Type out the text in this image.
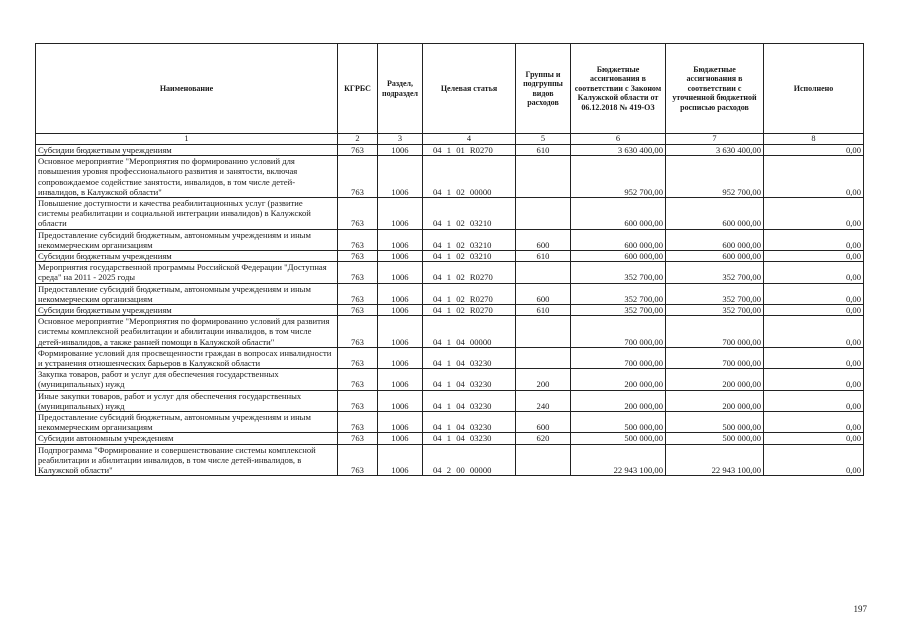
Наименование	КГРБС	Раздел, подраздел	Целевая статья	Группы и подгруппы видов расходов	Бюджетные ассигнования в соответствии с Законом Калужской области от 06.12.2018 № 419-ОЗ	Бюджетные ассигнования в соответствии с уточненной бюджетной росписью расходов	Исполнено
1	2	3	4	5	6	7	8
Субсидии бюджетным учреждениям	763	1006	04 1 01 R0270	610	3 630 400,00	3 630 400,00	0,00
Основное мероприятие "Мероприятия по формированию условий для повышения уровня профессионального развития и занятости, включая сопровождаемое содействие занятости, инвалидов, в том числе детей-инвалидов, в Калужской области"	763	1006	04 1 02 00000		952 700,00	952 700,00	0,00
Повышение доступности и качества реабилитационных услуг (развитие системы реабилитации и социальной интеграции инвалидов) в Калужской области	763	1006	04 1 02 03210		600 000,00	600 000,00	0,00
Предоставление субсидий бюджетным, автономным учреждениям и иным некоммерческим организациям	763	1006	04 1 02 03210	600	600 000,00	600 000,00	0,00
Субсидии бюджетным учреждениям	763	1006	04 1 02 03210	610	600 000,00	600 000,00	0,00
Мероприятия государственной программы Российской Федерации "Доступная среда" на 2011 - 2025 годы	763	1006	04 1 02 R0270		352 700,00	352 700,00	0,00
Предоставление субсидий бюджетным, автономным учреждениям и иным некоммерческим организациям	763	1006	04 1 02 R0270	600	352 700,00	352 700,00	0,00
Субсидии бюджетным учреждениям	763	1006	04 1 02 R0270	610	352 700,00	352 700,00	0,00
Основное мероприятие "Мероприятия по формированию условий для развития системы комплексной реабилитации и абилитации инвалидов, в том числе детей-инвалидов, а также ранней помощи в Калужской области"	763	1006	04 1 04 00000		700 000,00	700 000,00	0,00
Формирование условий для просвещенности граждан в вопросах инвалидности и устранения отношенческих барьеров в Калужской области	763	1006	04 1 04 03230		700 000,00	700 000,00	0,00
Закупка товаров, работ и услуг для обеспечения государственных (муниципальных) нужд	763	1006	04 1 04 03230	200	200 000,00	200 000,00	0,00
Иные закупки товаров, работ и услуг для обеспечения государственных (муниципальных) нужд	763	1006	04 1 04 03230	240	200 000,00	200 000,00	0,00
Предоставление субсидий бюджетным, автономным учреждениям и иным некоммерческим организациям	763	1006	04 1 04 03230	600	500 000,00	500 000,00	0,00
Субсидии автономным учреждениям	763	1006	04 1 04 03230	620	500 000,00	500 000,00	0,00
Подпрограмма "Формирование и совершенствование системы комплексной реабилитации и абилитации инвалидов, в том числе детей-инвалидов, в Калужской области"	763	1006	04 2 00 00000		22 943 100,00	22 943 100,00	0,00
197
